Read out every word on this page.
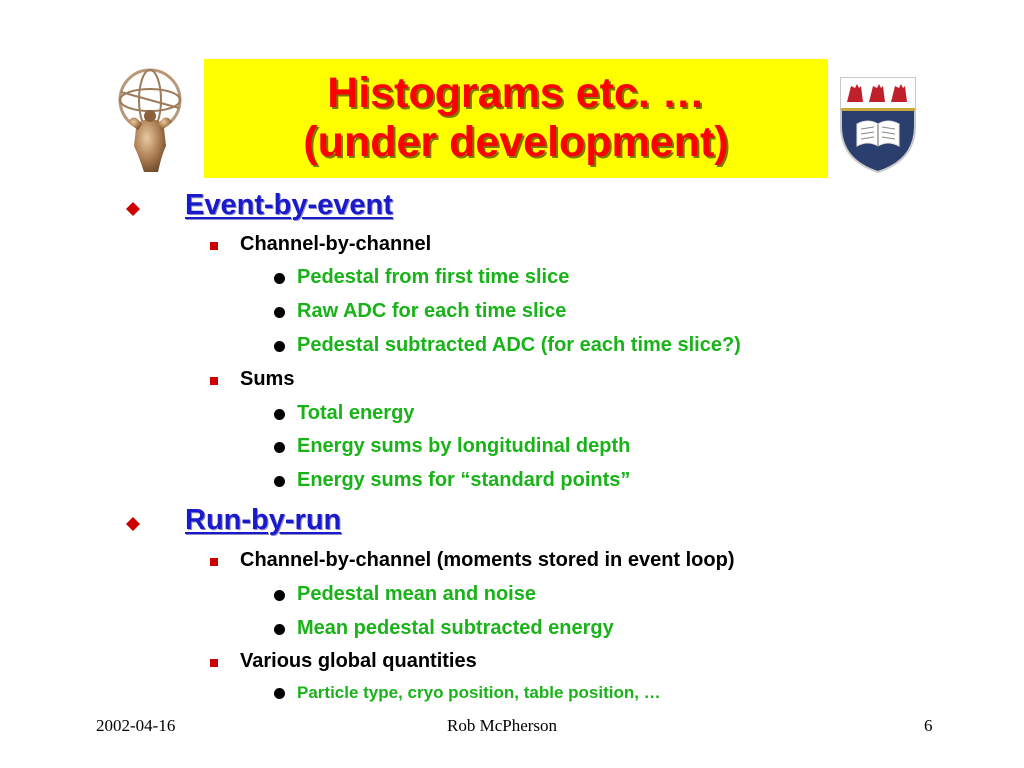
Histograms etc. …
(under development)
Event-by-event
Channel-by-channel
Pedestal from first time slice
Raw ADC for each time slice
Pedestal subtracted ADC (for each time slice?)
Sums
Total energy
Energy sums by longitudinal depth
Energy sums for “standard points”
Run-by-run
Channel-by-channel (moments stored in event loop)
Pedestal mean and noise
Mean pedestal subtracted energy
Various global quantities
Particle type, cryo position, table position, …
2002-04-16	Rob McPherson	6
